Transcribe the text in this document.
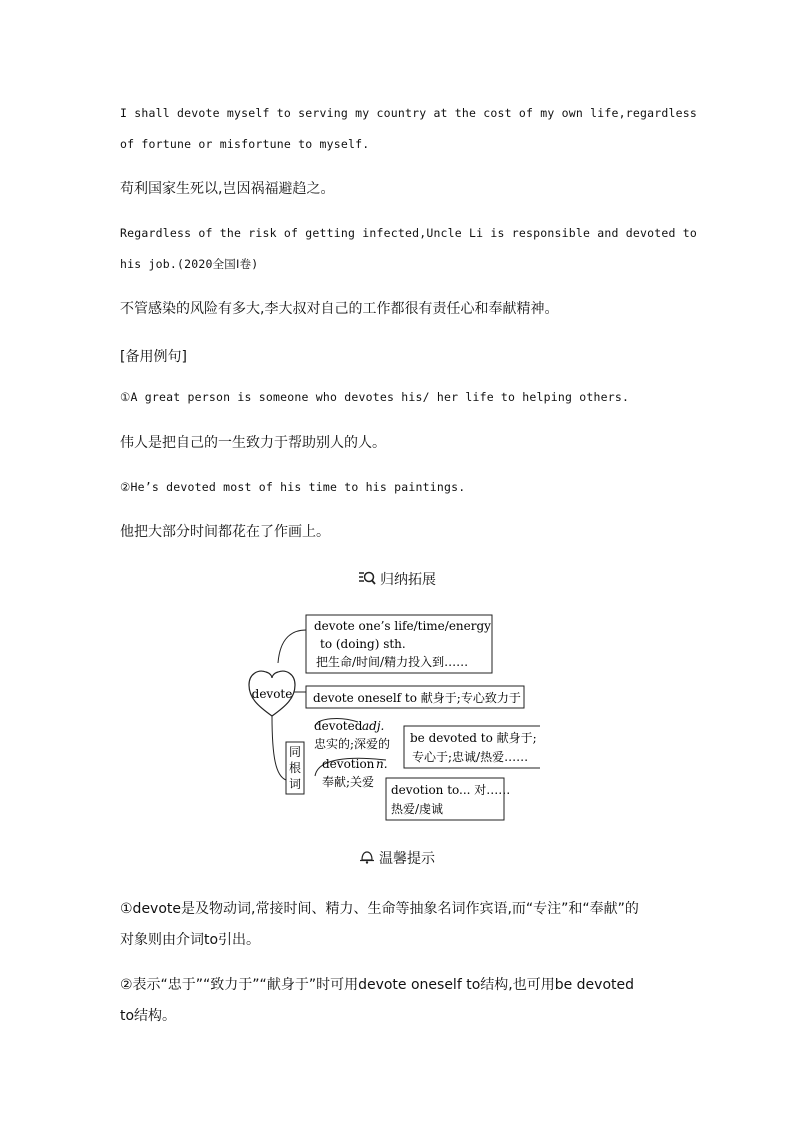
I shall devote myself to serving my country at the cost of my own life,regardless
of fortune or misfortune to myself.
苟利国家生死以,岂因祸福避趋之。
Regardless of the risk of getting infected,Uncle Li is responsible and devoted to
his job.(2020全国Ⅰ卷)
不管感染的风险有多大,李大叔对自己的工作都很有责任心和奉献精神。
[备用例句]
①A great person is someone who devotes his/ her life to helping others.
伟人是把自己的一生致力于帮助别人的人。
②He’s devoted most of his time to his paintings.
他把大部分时间都花在了作画上。
归纳拓展
devote
devote one’s life/time/energy
to (doing) sth.
把生命/时间/精力投入到……
devote oneself to 献身于;专心致力于
同
根
词
devoted adj.
忠实的;深爱的 be devoted to 献身于;
专心于;忠诚/热爱……
devotion n.
奉献;关爱
devotion to... 对……
热爱/虔诚
温馨提示
①devote是及物动词,常接时间、精力、生命等抽象名词作宾语,而“专注”和“奉献”的
对象则由介词to引出。
②表示“忠于”“致力于”“献身于”时可用devote oneself to结构,也可用be devoted
to结构。
